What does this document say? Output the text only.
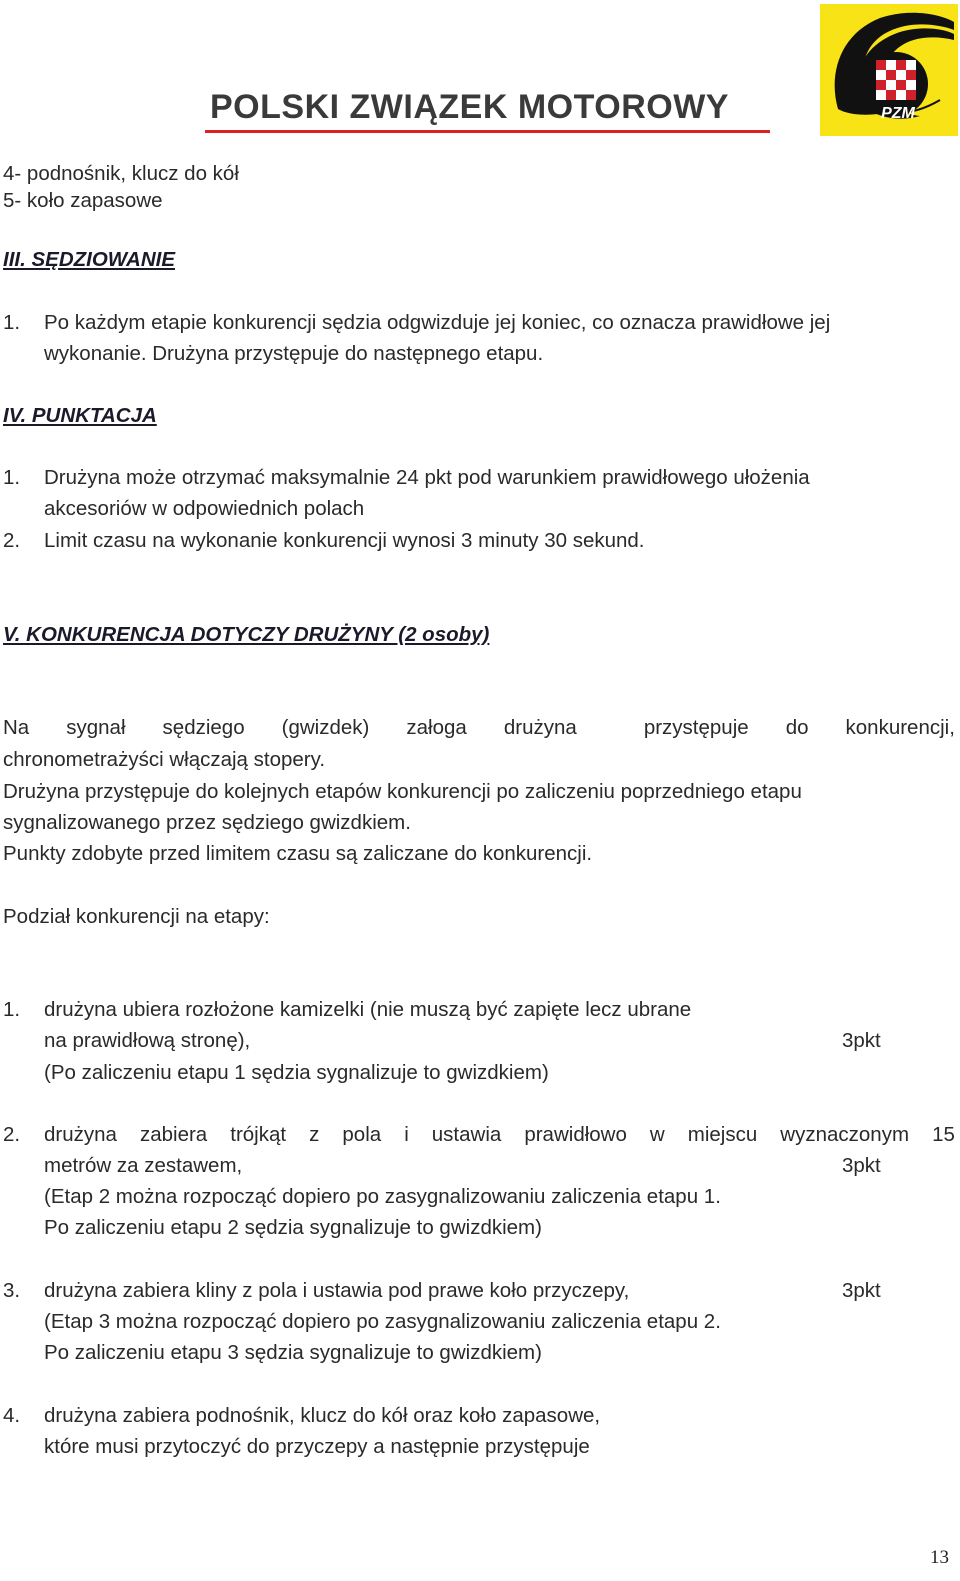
POLSKI ZWIĄZEK MOTOROWY	PZM
4- podnośnik, klucz do kół
5- koło zapasowe
III. SĘDZIOWANIE
1. Po każdym etapie konkurencji sędzia odgwizduje jej koniec, co oznacza prawidłowe jej
wykonanie. Drużyna przystępuje do następnego etapu.
IV. PUNKTACJA
1. Drużyna może otrzymać maksymalnie 24 pkt pod warunkiem prawidłowego ułożenia
akcesoriów w odpowiednich polach
2. Limit czasu na wykonanie konkurencji wynosi 3 minuty 30 sekund.
V. KONKURENCJA DOTYCZY DRUŻYNY (2 osoby)
Na sygnał sędziego (gwizdek) załoga drużyna	przystępuje do konkurencji,
chronometrażyści włączają stopery.
Drużyna przystępuje do kolejnych etapów konkurencji po zaliczeniu poprzedniego etapu
sygnalizowanego przez sędziego gwizdkiem.
Punkty zdobyte przed limitem czasu są zaliczane do konkurencji.
Podział konkurencji na etapy:
1. drużyna ubiera rozłożone kamizelki (nie muszą być zapięte lecz ubrane
na prawidłową stronę),	3pkt
(Po zaliczeniu etapu 1 sędzia sygnalizuje to gwizdkiem)
2. drużyna zabiera trójkąt z pola i ustawia prawidłowo w miejscu wyznaczonym 15
metrów za zestawem,	3pkt
(Etap 2 można rozpocząć dopiero po zasygnalizowaniu zaliczenia etapu 1.
Po zaliczeniu etapu 2 sędzia sygnalizuje to gwizdkiem)
3. drużyna zabiera kliny z pola i ustawia pod prawe koło przyczepy,	3pkt
(Etap 3 można rozpocząć dopiero po zasygnalizowaniu zaliczenia etapu 2.
Po zaliczeniu etapu 3 sędzia sygnalizuje to gwizdkiem)
4. drużyna zabiera podnośnik, klucz do kół oraz koło zapasowe,
które musi przytoczyć do przyczepy a następnie przystępuje
13
